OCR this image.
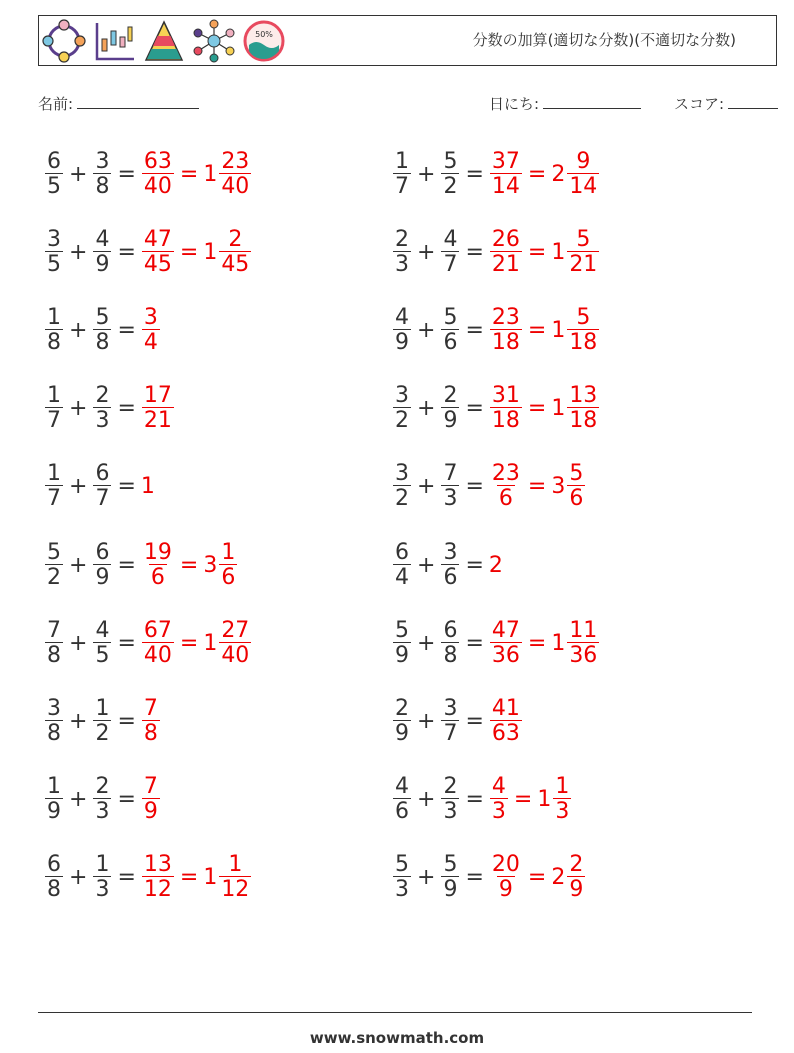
50%	分数の加算(適切な分数)(不適切な分数)
名前:	日にち:	スコア:
$\frac{6}{5} + \frac{3}{8} = \frac{63}{40} = 1 \frac{23}{40}$	$\frac{1}{7} + \frac{5}{2} = \frac{37}{14} = 2 \frac{9}{14}$
$\frac{3}{5} + \frac{4}{9} = \frac{47}{45} = 1 \frac{2}{45}$	$\frac{2}{3} + \frac{4}{7} = \frac{26}{21} = 1 \frac{5}{21}$
$\frac{1}{8} + \frac{5}{8} = \frac{3}{4}$	$\frac{4}{9} + \frac{5}{6} = \frac{23}{18} = 1 \frac{5}{18}$
$\frac{1}{7} + \frac{2}{3} = \frac{17}{21}$	$\frac{3}{2} + \frac{2}{9} = \frac{31}{18} = 1 \frac{13}{18}$
$\frac{1}{7} + \frac{6}{7} = 1$	$\frac{3}{2} + \frac{7}{3} = \frac{23}{6} = 3 \frac{5}{6}$
$\frac{5}{2} + \frac{6}{9} = \frac{19}{6} = 3 \frac{1}{6}$	$\frac{6}{4} + \frac{3}{6} = 2$
$\frac{7}{8} + \frac{4}{5} = \frac{67}{40} = 1 \frac{27}{40}$	$\frac{5}{9} + \frac{6}{8} = \frac{47}{36} = 1 \frac{11}{36}$
$\frac{3}{8} + \frac{1}{2} = \frac{7}{8}$	$\frac{2}{9} + \frac{3}{7} = \frac{41}{63}$
$\frac{1}{9} + \frac{2}{3} = \frac{7}{9}$	$\frac{4}{6} + \frac{2}{3} = \frac{4}{3} = 1 \frac{1}{3}$
$\frac{6}{8} + \frac{1}{3} = \frac{13}{12} = 1 \frac{1}{12}$	$\frac{5}{3} + \frac{5}{9} = \frac{20}{9} = 2 \frac{2}{9}$
www.snowmath.com
